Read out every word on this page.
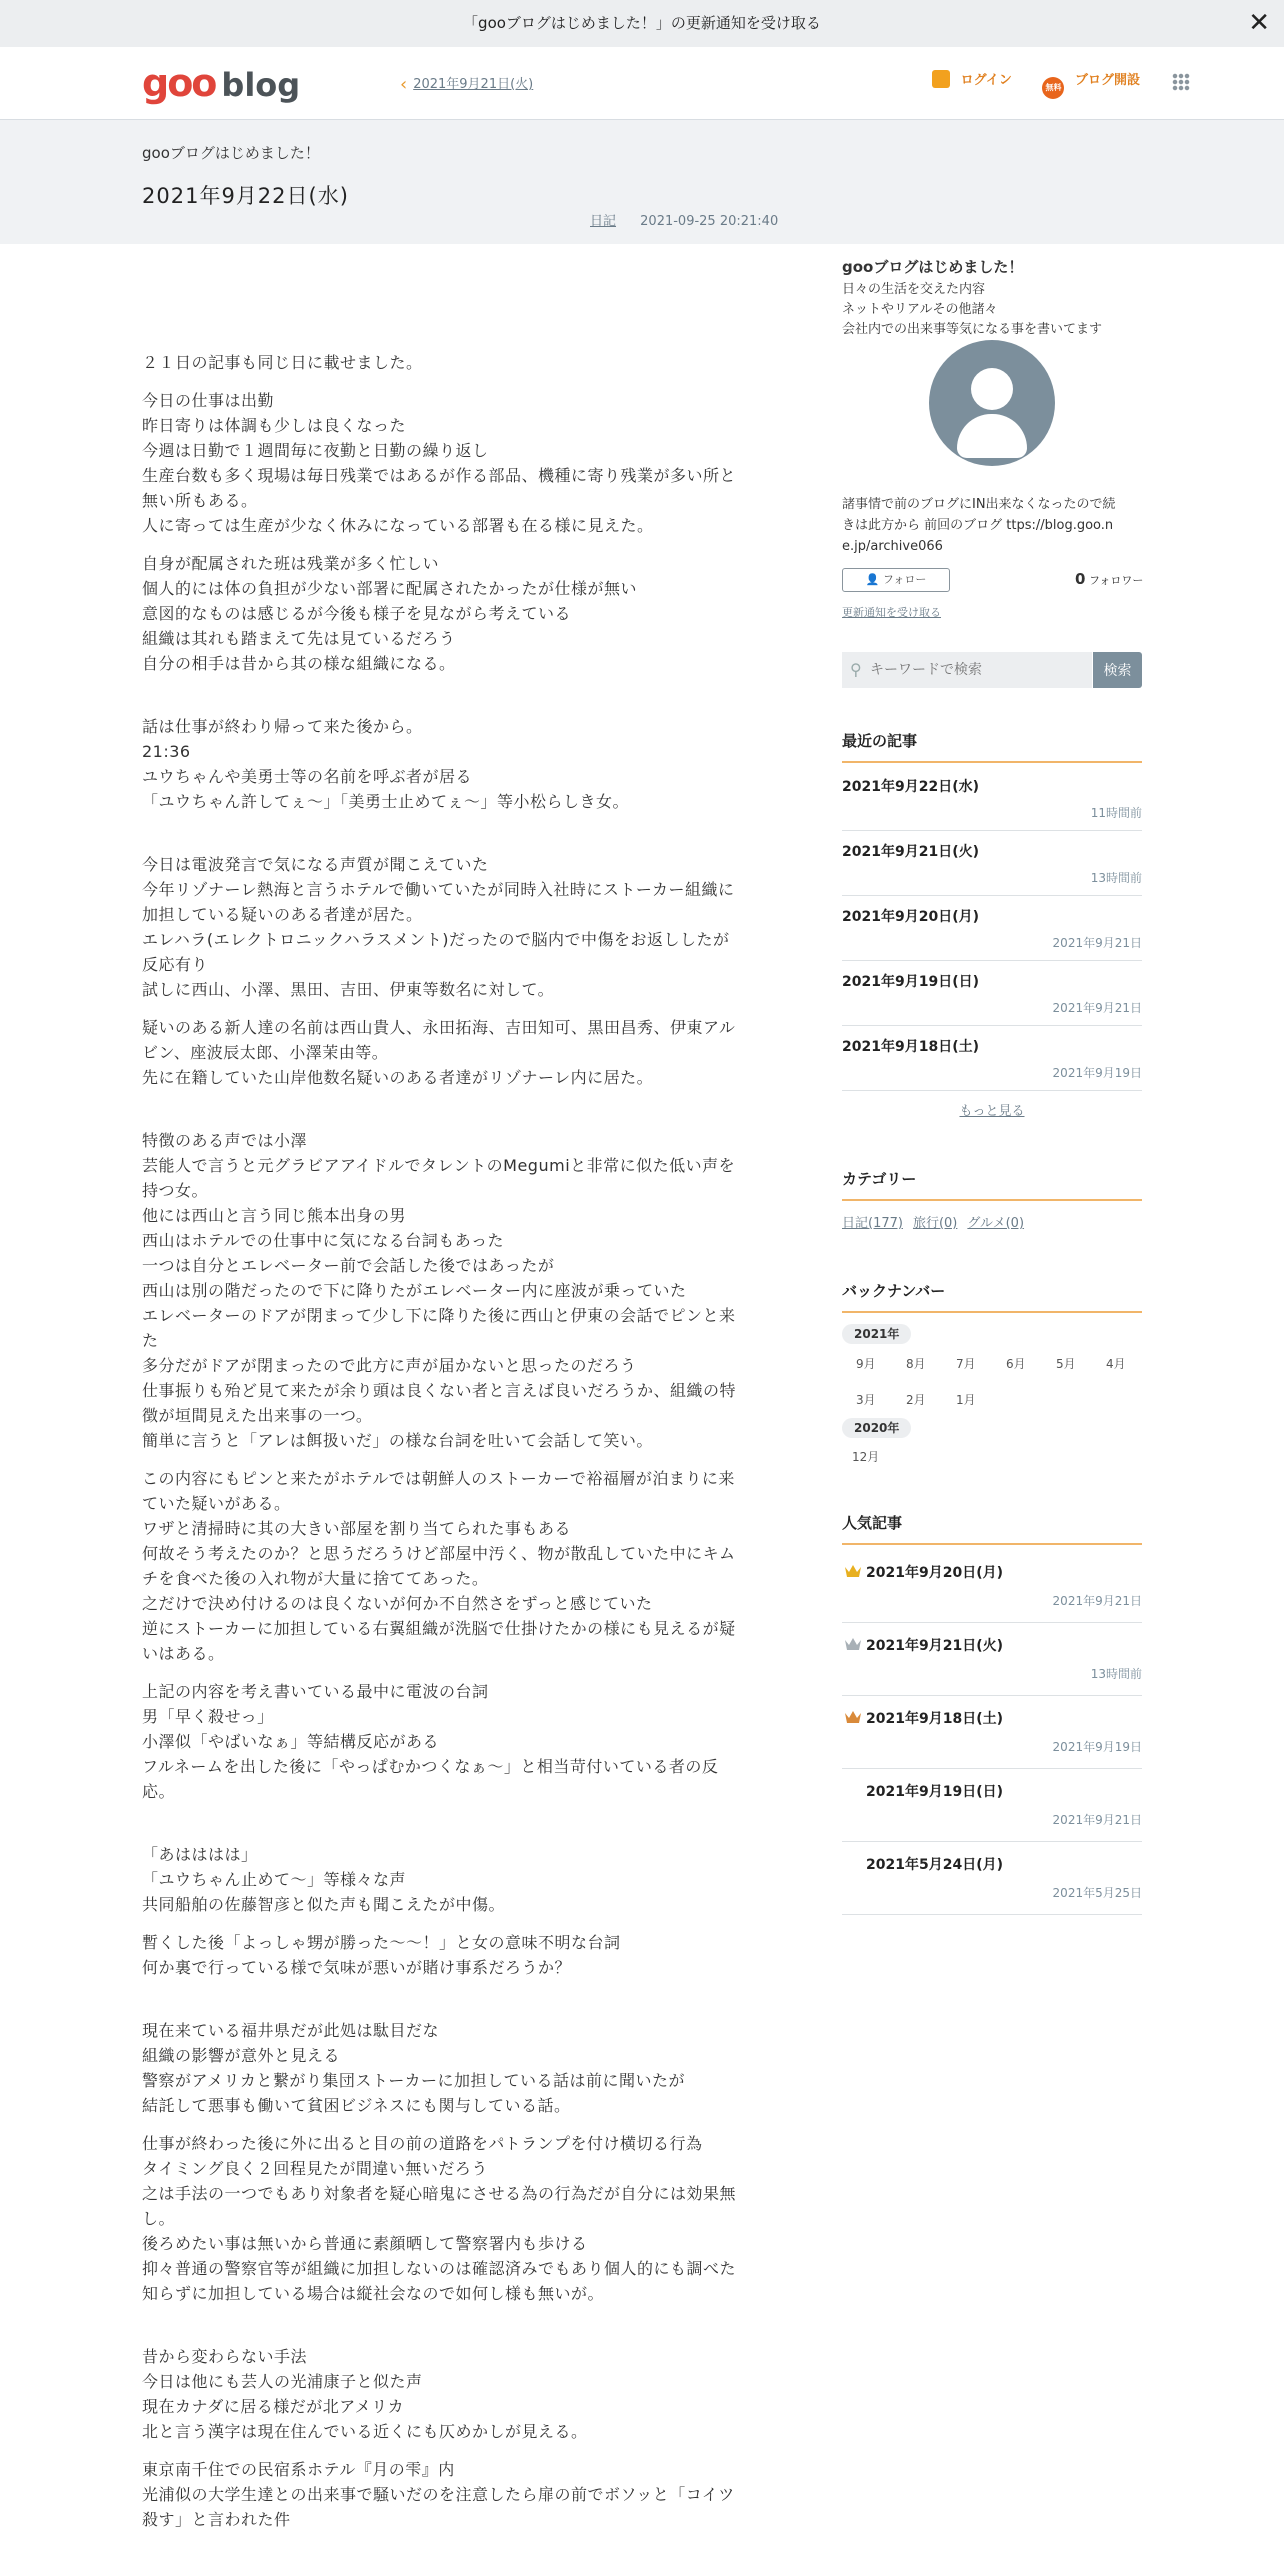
「gooブログはじめました！」の更新通知を受け取る	✕
goo blog	‹ 2021年9月21日(火)	ログイン	無料 ブログ開設
gooブログはじめました！
2021年9月22日(水)
日記 2021-09-25 20:21:40

２１日の記事も同じ日に載せました。

今日の仕事は出勤
昨日寄りは体調も少しは良くなった
今週は日勤で１週間毎に夜勤と日勤の繰り返し
生産台数も多く現場は毎日残業ではあるが作る部品、機種に寄り残業が多い所と
無い所もある。
人に寄っては生産が少なく休みになっている部署も在る様に見えた。

自身が配属された班は残業が多く忙しい
個人的には体の負担が少ない部署に配属されたかったが仕様が無い
意図的なものは感じるが今後も様子を見ながら考えている
組織は其れも踏まえて先は見ているだろう
自分の相手は昔から其の様な組織になる。

話は仕事が終わり帰って来た後から。
21:36
ユウちゃんや美勇士等の名前を呼ぶ者が居る
「ユウちゃん許してぇ～」「美勇士止めてぇ～」等小松らしき女。

今日は電波発言で気になる声質が聞こえていた
今年リゾナーレ熱海と言うホテルで働いていたが同時入社時にストーカー組織に
加担している疑いのある者達が居た。
エレハラ(エレクトロニックハラスメント)だったので脳内で中傷をお返ししたが
反応有り
試しに西山、小澤、黒田、吉田、伊東等数名に対して。

疑いのある新人達の名前は西山貴人、永田拓海、吉田知可、黒田昌秀、伊東アル
ビン、座波辰太郎、小澤茉由等。
先に在籍していた山岸他数名疑いのある者達がリゾナーレ内に居た。

特徴のある声では小澤
芸能人で言うと元グラビアアイドルでタレントのMegumiと非常に似た低い声を
持つ女。
他には西山と言う同じ熊本出身の男
西山はホテルでの仕事中に気になる台詞もあった
一つは自分とエレベーター前で会話した後ではあったが
西山は別の階だったので下に降りたがエレベーター内に座波が乗っていた
エレベーターのドアが閉まって少し下に降りた後に西山と伊東の会話でピンと来
た
多分だがドアが閉まったので此方に声が届かないと思ったのだろう
仕事振りも殆ど見て来たが余り頭は良くない者と言えば良いだろうか、組織の特
徴が垣間見えた出来事の一つ。
簡単に言うと「アレは餌扱いだ」の様な台詞を吐いて会話して笑い。

この内容にもピンと来たがホテルでは朝鮮人のストーカーで裕福層が泊まりに来
ていた疑いがある。
ワザと清掃時に其の大きい部屋を割り当てられた事もある
何故そう考えたのか？と思うだろうけど部屋中汚く、物が散乱していた中にキム
チを食べた後の入れ物が大量に捨ててあった。
之だけで決め付けるのは良くないが何か不自然さをずっと感じていた
逆にストーカーに加担している右翼組織が洗脳で仕掛けたかの様にも見えるが疑
いはある。

上記の内容を考え書いている最中に電波の台詞
男「早く殺せっ」
小澤似「やばいなぁ」等結構反応がある
フルネームを出した後に「やっぱむかつくなぁ～」と相当苛付いている者の反
応。

「あはははは」
「ユウちゃん止めて～」等様々な声
共同船舶の佐藤智彦と似た声も聞こえたが中傷。

暫くした後「よっしゃ甥が勝った～～！」と女の意味不明な台詞
何か裏で行っている様で気味が悪いが賭け事系だろうか？

現在来ている福井県だが此処は駄目だな
組織の影響が意外と見える
警察がアメリカと繋がり集団ストーカーに加担している話は前に聞いたが
結託して悪事も働いて貧困ビジネスにも関与している話。

仕事が終わった後に外に出ると目の前の道路をパトランプを付け横切る行為
タイミング良く２回程見たが間違い無いだろう
之は手法の一つでもあり対象者を疑心暗鬼にさせる為の行為だが自分には効果無
し。
後ろめたい事は無いから普通に素顔晒して警察署内も歩ける
抑々普通の警察官等が組織に加担しないのは確認済みでもあり個人的にも調べた
知らずに加担している場合は縦社会なので如何し様も無いが。

昔から変わらない手法
今日は他にも芸人の光浦康子と似た声
現在カナダに居る様だが北アメリカ
北と言う漢字は現在住んでいる近くにも仄めかしが見える。

東京南千住での民宿系ホテル『月の雫』内
光浦似の大学生達との出来事で騒いだのを注意したら扉の前でボソッと「コイツ
殺す」と言われた件

gooブログはじめました！
日々の生活を交えた内容
ネットやリアルその他諸々
会社内での出来事等気になる事を書いてます
諸事情で前のブログにIN出来なくなったので続
きは此方から 前回のブログ ttps://blog.goo.n
e.jp/archive066
👤 フォロー	0 フォロワー
更新通知を受け取る
キーワードで検索
⚲	検索
最近の記事
2021年9月22日(水)
11時間前
2021年9月21日(火)
13時間前
2021年9月20日(月)
2021年9月21日
2021年9月19日(日)
2021年9月21日
2021年9月18日(土)
2021年9月19日
もっと見る
カテゴリー
日記(177) 旅行(0) グルメ(0)
バックナンバー
2021年
9月	8月	7月	6月	5月	4月
3月	2月	1月
2020年
12月
人気記事
2021年9月20日(月)
2021年9月21日
2021年9月21日(火)
13時間前
2021年9月18日(土)
2021年9月19日
2021年9月19日(日)
2021年9月21日
2021年5月24日(月)
2021年5月25日
